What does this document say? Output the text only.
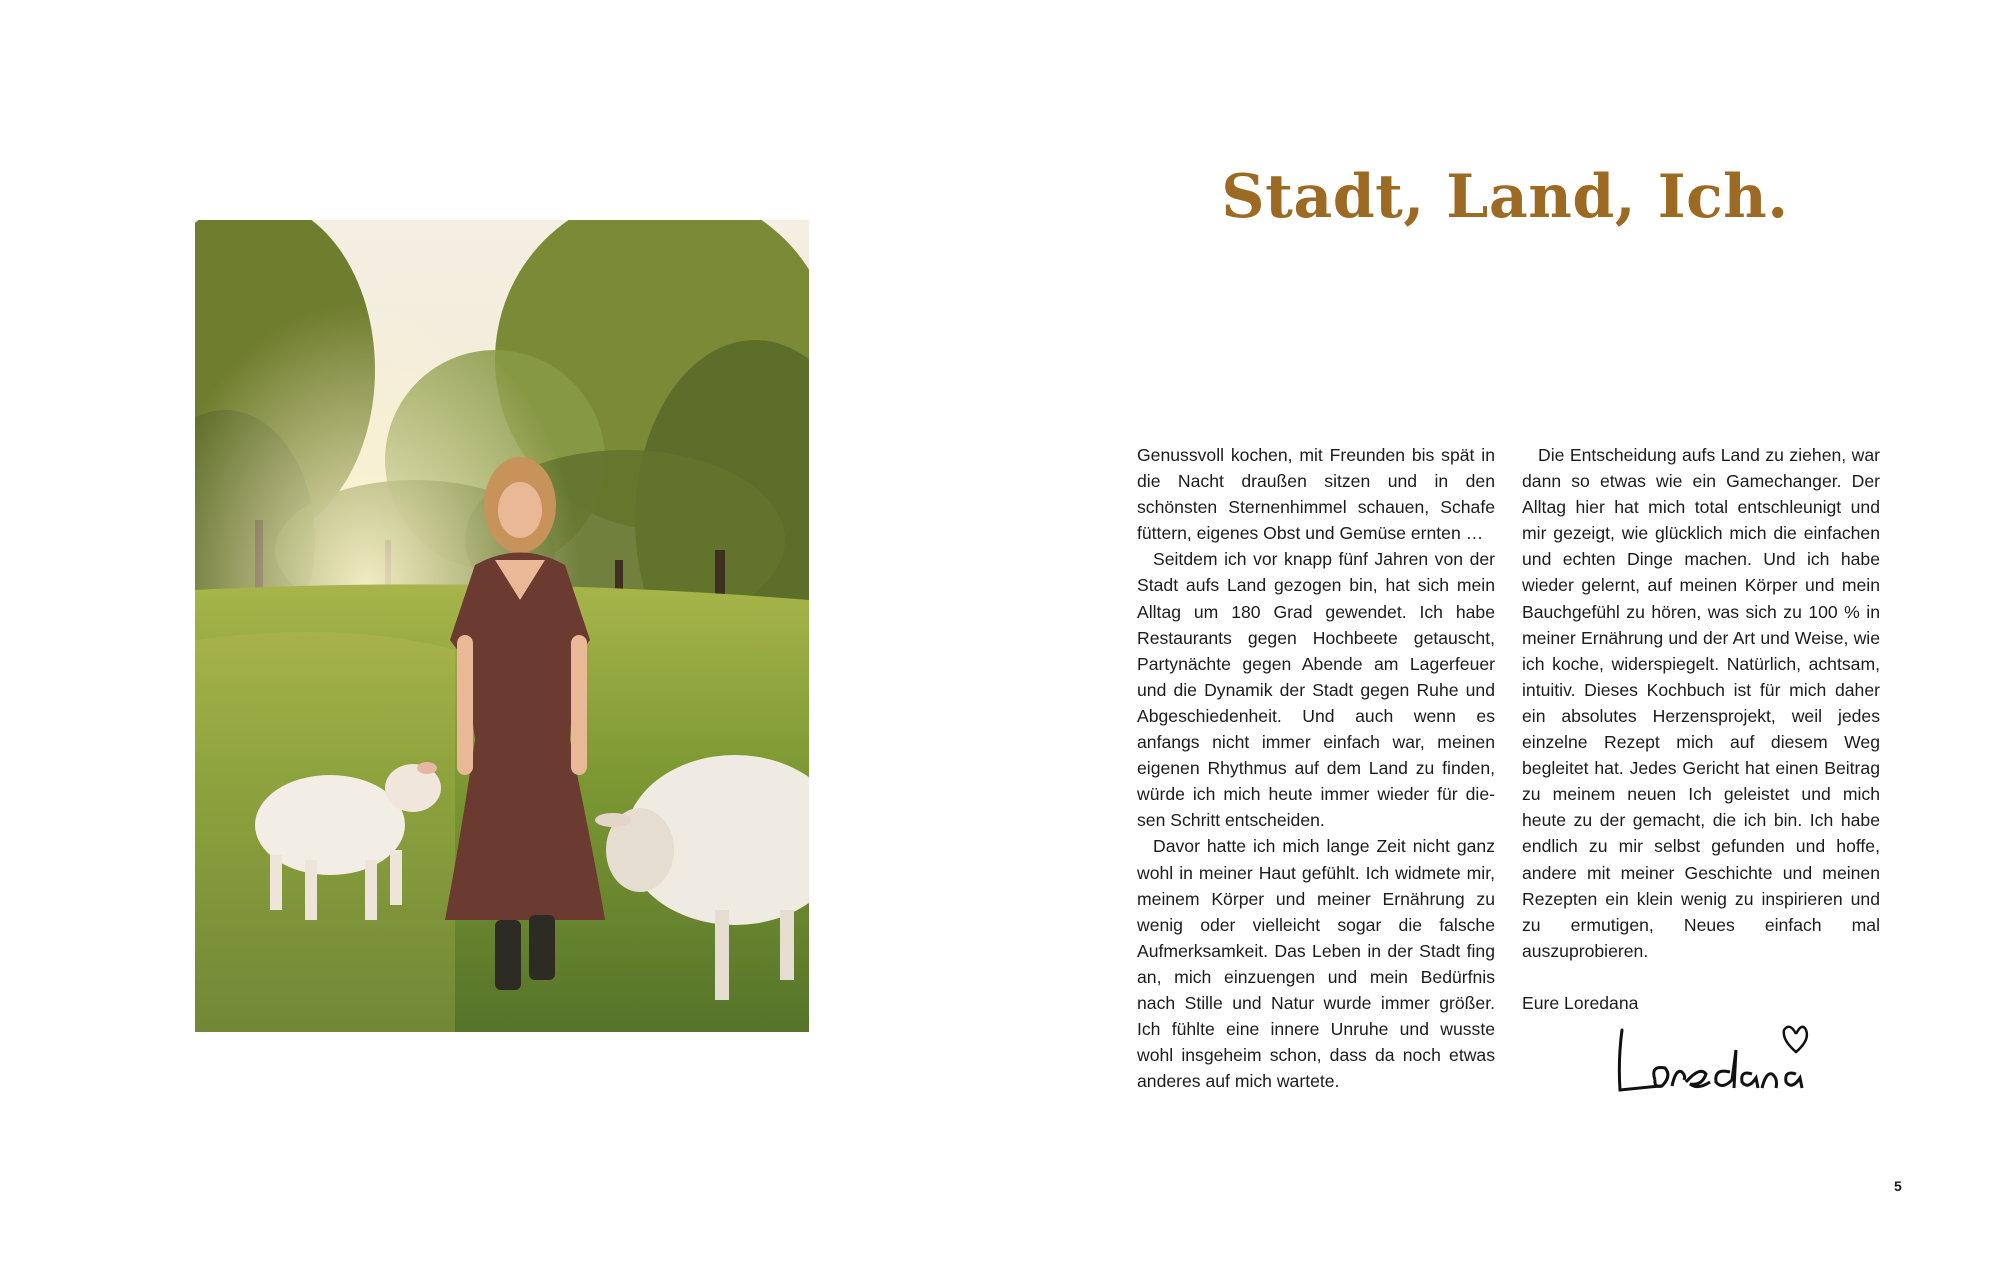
Stadt, Land, Ich.

Genussvoll kochen, mit Freunden bis spät in die Nacht draußen sitzen und in den schönsten Sternenhimmel schauen, Schafe füttern, eigenes Obst und Gemüse ernten …

Seitdem ich vor knapp fünf Jahren von der Stadt aufs Land gezogen bin, hat sich mein Alltag um 180 Grad gewendet. Ich habe Restaurants gegen Hochbeete getauscht, Partynächte gegen Abende am Lagerfeuer und die Dynamik der Stadt gegen Ruhe und Abgeschiedenheit. Und auch wenn es anfangs nicht immer einfach war, meinen eigenen Rhythmus auf dem Land zu finden, würde ich mich heute immer wieder für diesen Schritt entscheiden.

Davor hatte ich mich lange Zeit nicht ganz wohl in meiner Haut gefühlt. Ich widmete mir, meinem Körper und meiner Ernährung zu wenig oder vielleicht sogar die falsche Aufmerksamkeit. Das Leben in der Stadt fing an, mich einzuengen und mein Bedürfnis nach Stille und Natur wurde immer größer. Ich fühlte eine innere Unruhe und wusste wohl insgeheim schon, dass da noch etwas anderes auf mich wartete.

Die Entscheidung aufs Land zu ziehen, war dann so etwas wie ein Gamechanger. Der Alltag hier hat mich total entschleunigt und mir gezeigt, wie glücklich mich die einfachen und echten Dinge machen. Und ich habe wieder gelernt, auf meinen Körper und mein Bauchgefühl zu hören, was sich zu 100 % in meiner Ernährung und der Art und Weise, wie ich koche, widerspiegelt. Natürlich, achtsam, intuitiv. Dieses Kochbuch ist für mich daher ein absolutes Herzensprojekt, weil jedes einzelne Rezept mich auf diesem Weg begleitet hat. Jedes Gericht hat einen Beitrag zu meinem neuen Ich geleistet und mich heute zu der gemacht, die ich bin. Ich habe endlich zu mir selbst gefunden und hoffe, andere mit meiner Geschichte und meinen Rezepten ein klein wenig zu inspirieren und zu ermutigen, Neues einfach mal auszuprobieren.

Eure Loredana

5
